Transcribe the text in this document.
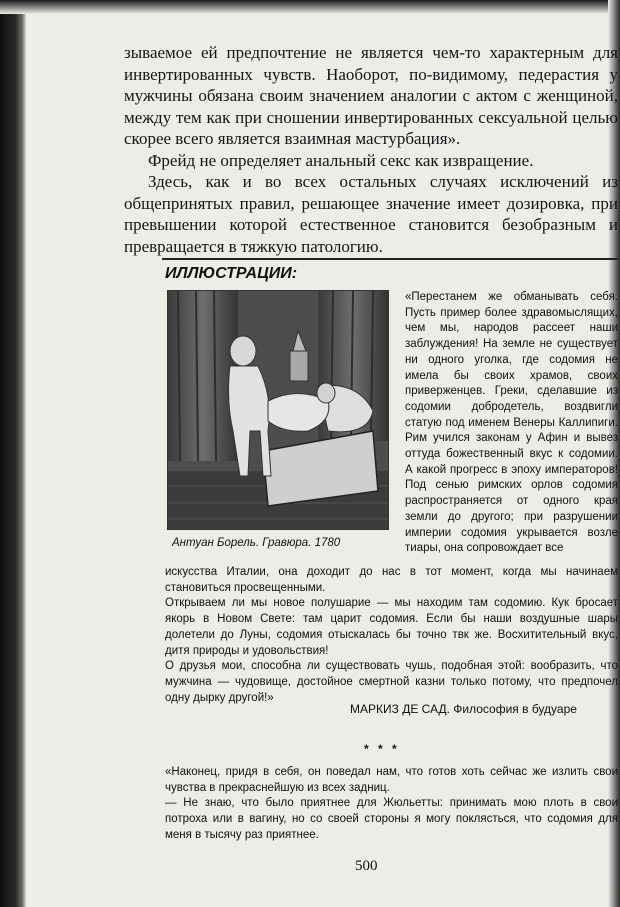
зываемое ей предпочтение не является чем-то характерным для инвертированных чувств. Наоборот, по-видимому, педерастия у мужчины обязана своим значением аналогии с актом с женщиной, между тем как при сношении инвертированных сексуальной целью скорее всего является взаимная мастурбация».

Фрейд не определяет анальный секс как извращение.

Здесь, как и во всех остальных случаях исключений из общепринятых правил, решающее значение имеет дозировка, при превышении которой естественное становится безобразным и превращается в тяжкую патологию.

ИЛЛЮСТРАЦИИ:
Антуан Борель. Гравюра. 1780
«Перестанем же обманывать себя. Пусть пример более здравомыслящих, чем мы, народов рассеет наши заблуждения! На земле не существует ни одного уголка, где содомия не имела бы своих храмов, своих приверженцев. Греки, сделавшие из содомии добродетель, воздвигли статую под именем Венеры Каллипиги. Рим учился законам у Афин и вывез оттуда божественный вкус к содомии. А какой прогресс в эпоху императоров! Под сенью римских орлов содомия распространяется от одного края земли до другого; при разрушении империи содомия укрывается возле тиары, она сопровождает все

искусства Италии, она доходит до нас в тот момент, когда мы начинаем становиться просвещенными.

Открываем ли мы новое полушарие — мы находим там содомию. Кук бросает якорь в Новом Свете: там царит содомия. Если бы наши воздушные шары долетели до Луны, содомия отыскалась бы точно твк же. Восхитительный вкус, дитя природы и удовольствия!

О друзья мои, способна ли существовать чушь, подобная этой: вообразить, что мужчина — чудовище, достойное смертной казни только потому, что предпочел одну дырку другой!»

МАРКИЗ ДЕ САД. Философия в будуаре
* * *

«Наконец, придя в себя, он поведал нам, что готов хоть сейчас же излить свои чувства в прекраснейшую из всех задниц.

— Не знаю, что было приятнее для Жюльетты: принимать мою плоть в свои потроха или в вагину, но со своей стороны я могу поклясться, что содомия для меня в тысячу раз приятнее.

500
